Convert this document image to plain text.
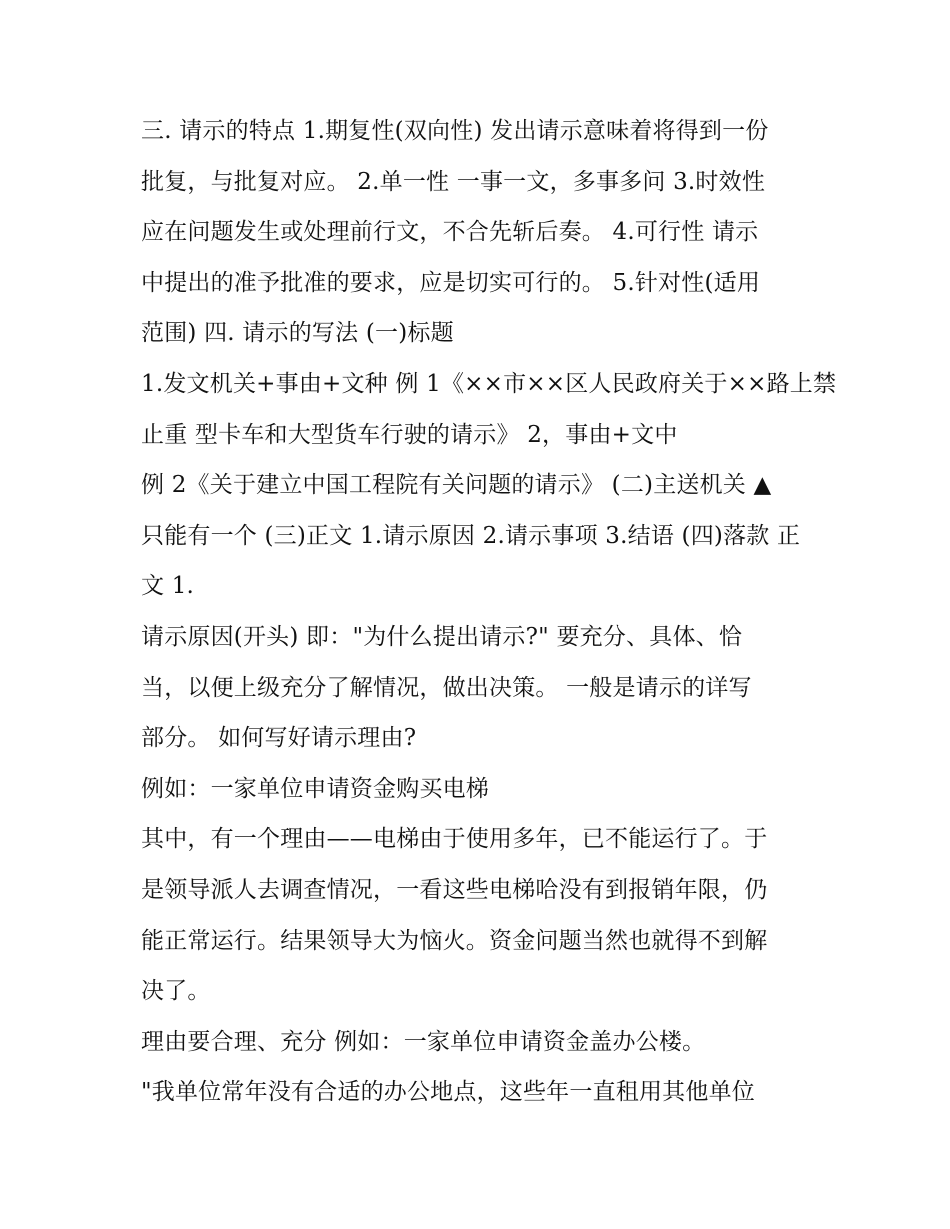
三. 请示的特点 1.期复性(双向性) 发出请示意味着将得到一份
批复，与批复对应。 2.单一性 一事一文，多事多问 3.时效性
应在问题发生或处理前行文，不合先斩后奏。 4.可行性 请示
中提出的准予批准的要求，应是切实可行的。 5.针对性(适用
范围) 四. 请示的写法 (一)标题
1.发文机关+事由+文种 例 1《××市××区人民政府关于××路上禁
止重 型卡车和大型货车行驶的请示》 2，事由+文中
例 2《关于建立中国工程院有关问题的请示》 (二)主送机关 ▲
只能有一个 (三)正文 1.请示原因 2.请示事项 3.结语 (四)落款 正
文 1.
请示原因(开头) 即："为什么提出请示?" 要充分、具体、恰
当，以便上级充分了解情况，做出决策。 一般是请示的详写
部分。 如何写好请示理由?
例如：一家单位申请资金购买电梯
其中，有一个理由——电梯由于使用多年，已不能运行了。于
是领导派人去调查情况，一看这些电梯哈没有到报销年限，仍
能正常运行。结果领导大为恼火。资金问题当然也就得不到解
决了。
理由要合理、充分 例如：一家单位申请资金盖办公楼。
"我单位常年没有合适的办公地点，这些年一直租用其他单位
